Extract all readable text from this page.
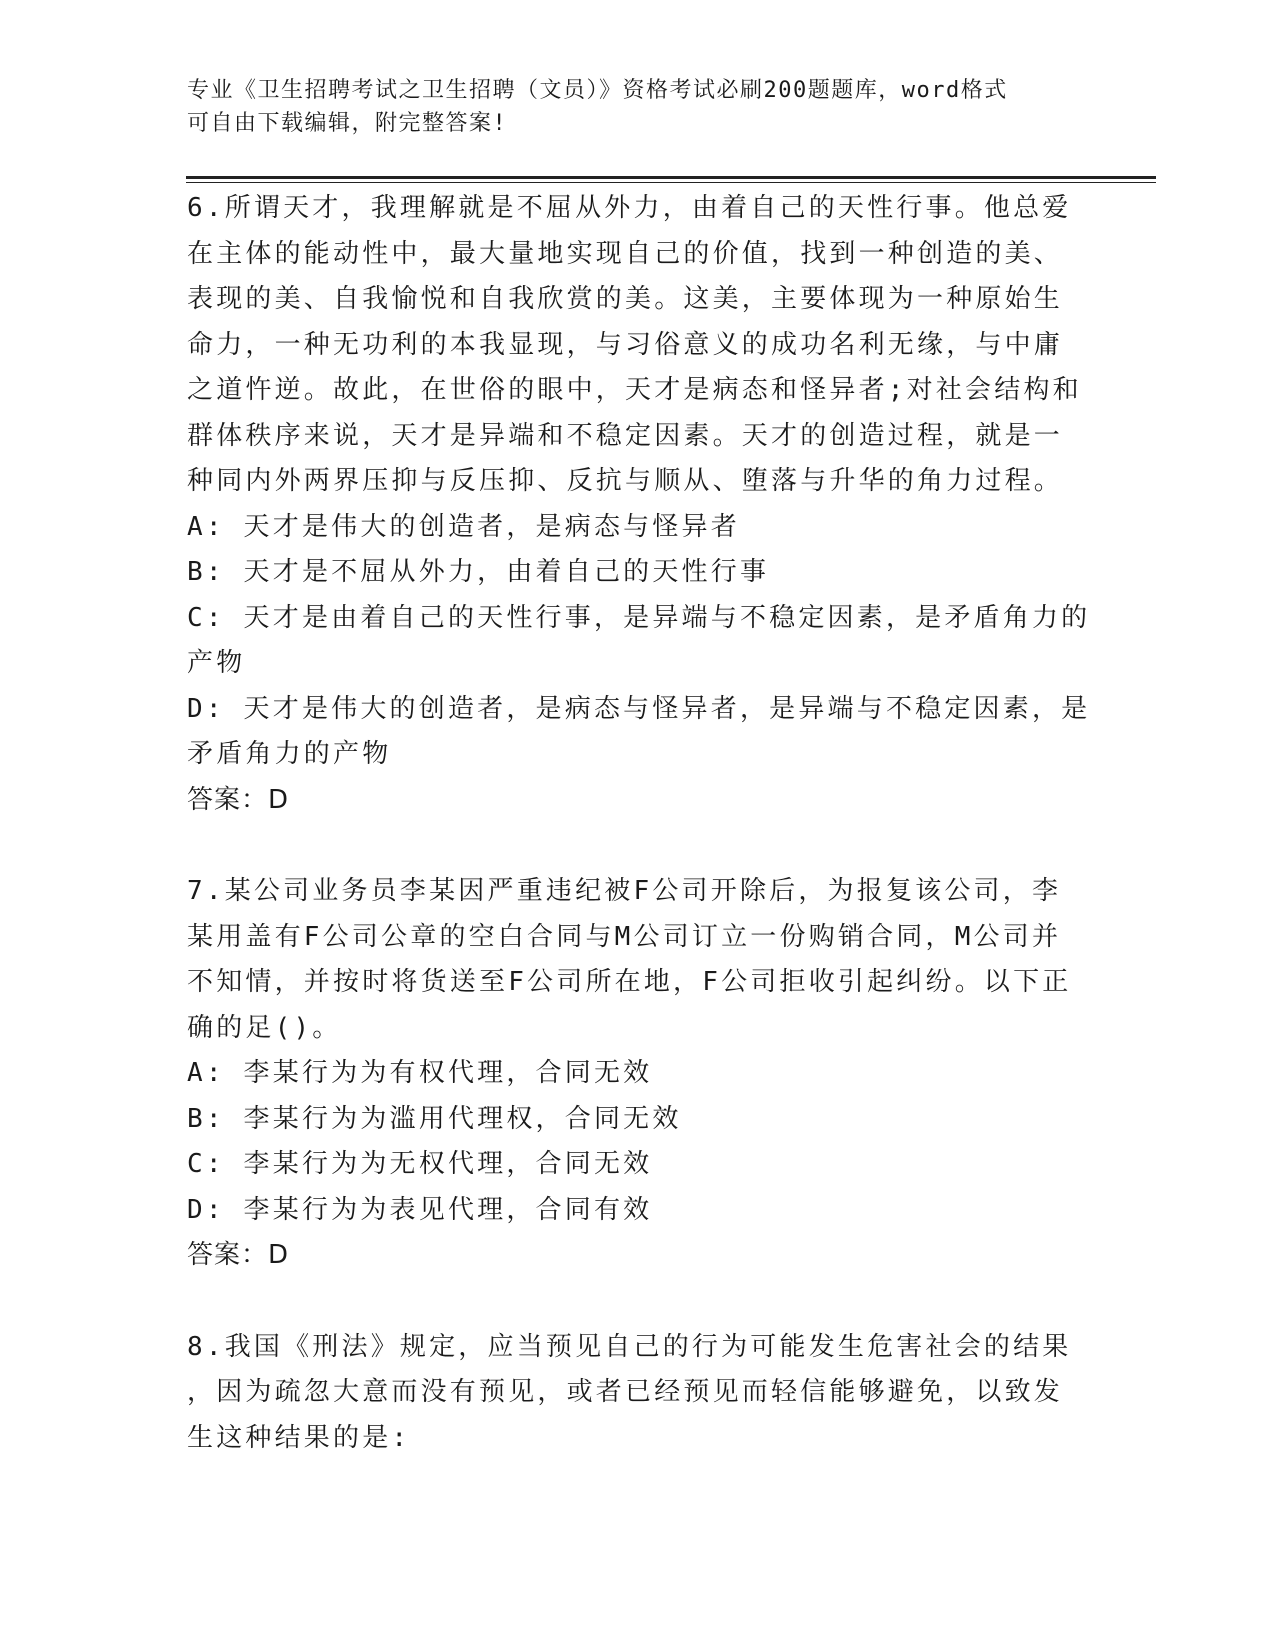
专业《卫生招聘考试之卫生招聘（文员）》资格考试必刷200题题库，word格式
可自由下载编辑，附完整答案!
6.所谓天才，我理解就是不屈从外力，由着自己的天性行事。他总爱
在主体的能动性中，最大量地实现自己的价值，找到一种创造的美、
表现的美、自我愉悦和自我欣赏的美。这美，主要体现为一种原始生
命力，一种无功利的本我显现，与习俗意义的成功名利无缘，与中庸
之道忤逆。故此，在世俗的眼中，天才是病态和怪异者;对社会结构和
群体秩序来说，天才是异端和不稳定因素。天才的创造过程，就是一
种同内外两界压抑与反压抑、反抗与顺从、堕落与升华的角力过程。
A: 天才是伟大的创造者，是病态与怪异者
B: 天才是不屈从外力，由着自己的天性行事
C: 天才是由着自己的天性行事，是异端与不稳定因素，是矛盾角力的
产物
D: 天才是伟大的创造者，是病态与怪异者，是异端与不稳定因素，是
矛盾角力的产物
答案：D
7.某公司业务员李某因严重违纪被F公司开除后，为报复该公司，李
某用盖有F公司公章的空白合同与M公司订立一份购销合同，M公司并
不知情，并按时将货送至F公司所在地，F公司拒收引起纠纷。以下正
确的足()。
A: 李某行为为有权代理，合同无效
B: 李某行为为滥用代理权，合同无效
C: 李某行为为无权代理，合同无效
D: 李某行为为表见代理，合同有效
答案：D
8.我国《刑法》规定，应当预见自己的行为可能发生危害社会的结果
，因为疏忽大意而没有预见，或者已经预见而轻信能够避免，以致发
生这种结果的是:
